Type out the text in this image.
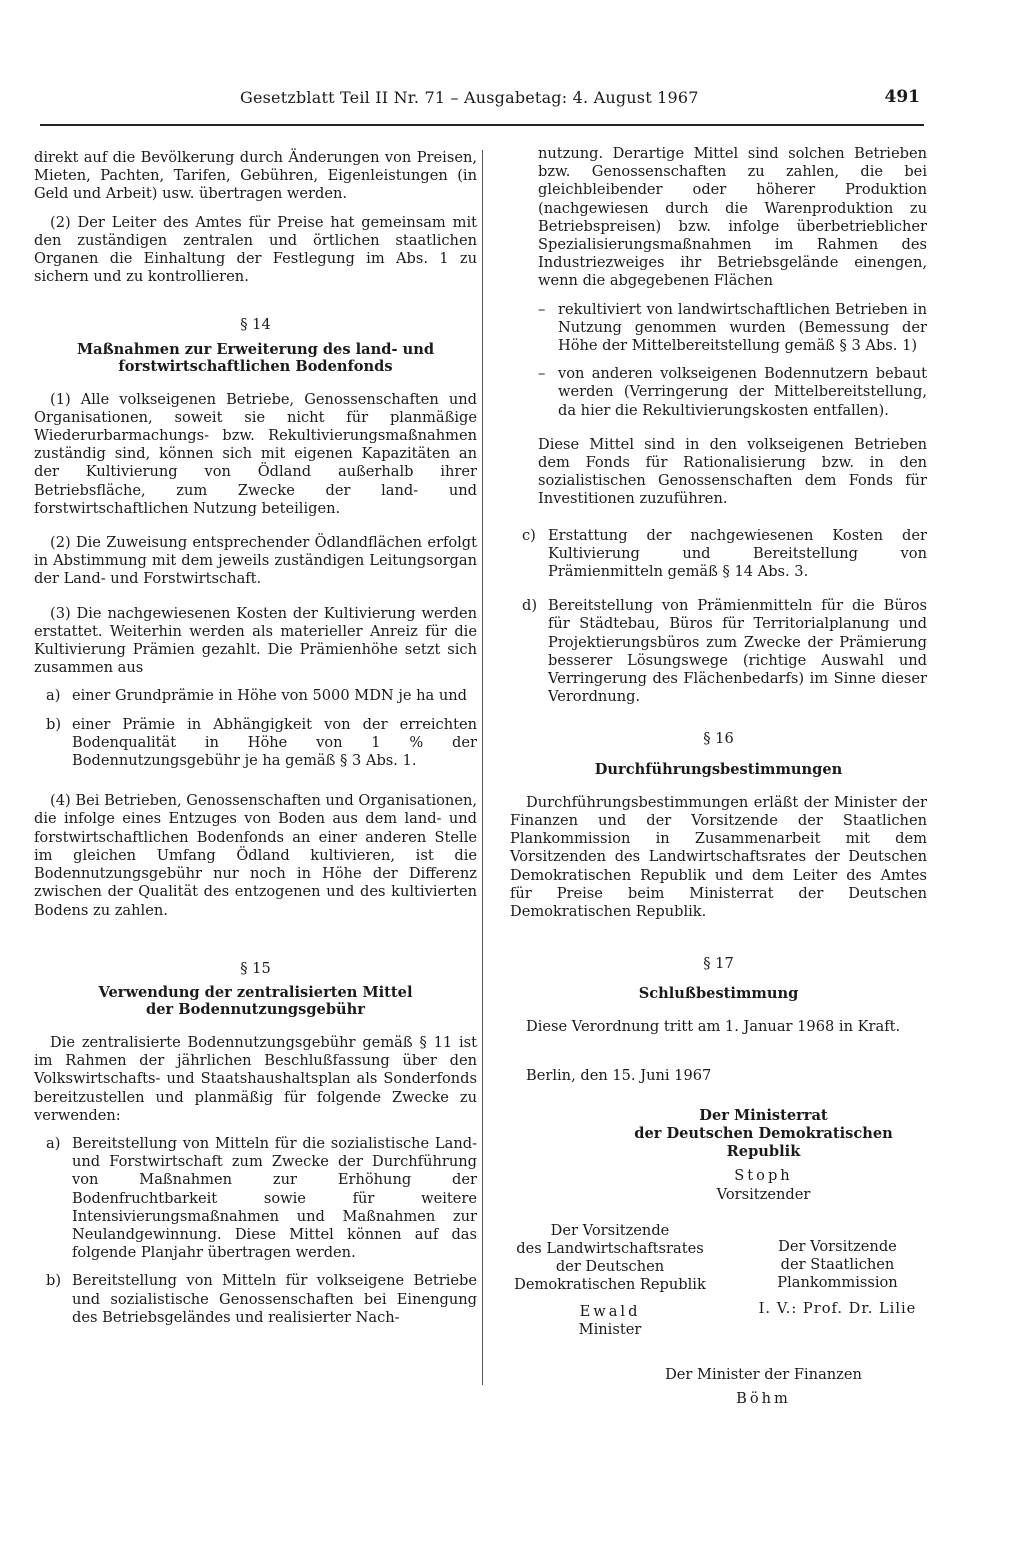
Gesetzblatt Teil II Nr. 71 – Ausgabetag: 4. August 1967	491

direkt auf die Bevölkerung durch Änderungen von Preisen, Mieten, Pachten, Tarifen, Gebühren, Eigenleistungen (in Geld und Arbeit) usw. übertragen werden.

(2) Der Leiter des Amtes für Preise hat gemeinsam mit den zuständigen zentralen und örtlichen staatlichen Organen die Einhaltung der Festlegung im Abs. 1 zu sichern und zu kontrollieren.

§ 14

Maßnahmen zur Erweiterung des land- und
forstwirtschaftlichen Bodenfonds

(1) Alle volkseigenen Betriebe, Genossenschaften und Organisationen, soweit sie nicht für planmäßige Wiederurbarmachungs- bzw. Rekultivierungsmaßnahmen zuständig sind, können sich mit eigenen Kapazitäten an der Kultivierung von Ödland außerhalb ihrer Betriebsfläche, zum Zwecke der land- und forstwirtschaftlichen Nutzung beteiligen.

(2) Die Zuweisung entsprechender Ödlandflächen erfolgt in Abstimmung mit dem jeweils zuständigen Leitungsorgan der Land- und Forstwirtschaft.

(3) Die nachgewiesenen Kosten der Kultivierung werden erstattet. Weiterhin werden als materieller Anreiz für die Kultivierung Prämien gezahlt. Die Prämienhöhe setzt sich zusammen aus

a) einer Grundprämie in Höhe von 5000 MDN je ha und

b) einer Prämie in Abhängigkeit von der erreichten Bodenqualität in Höhe von 1 % der Bodennutzungsgebühr je ha gemäß § 3 Abs. 1.

(4) Bei Betrieben, Genossenschaften und Organisationen, die infolge eines Entzuges von Boden aus dem land- und forstwirtschaftlichen Bodenfonds an einer anderen Stelle im gleichen Umfang Ödland kultivieren, ist die Bodennutzungsgebühr nur noch in Höhe der Differenz zwischen der Qualität des entzogenen und des kultivierten Bodens zu zahlen.

§ 15

Verwendung der zentralisierten Mittel
der Bodennutzungsgebühr

Die zentralisierte Bodennutzungsgebühr gemäß § 11 ist im Rahmen der jährlichen Beschlußfassung über den Volkswirtschafts- und Staatshaushaltsplan als Sonderfonds bereitzustellen und planmäßig für folgende Zwecke zu verwenden:

a) Bereitstellung von Mitteln für die sozialistische Land- und Forstwirtschaft zum Zwecke der Durchführung von Maßnahmen zur Erhöhung der Bodenfruchtbarkeit sowie für weitere Intensivierungsmaßnahmen und Maßnahmen zur Neulandgewinnung. Diese Mittel können auf das folgende Planjahr übertragen werden.

b) Bereitstellung von Mitteln für volkseigene Betriebe und sozialistische Genossenschaften bei Einengung des Betriebsgeländes und realisierter Nach-

nutzung. Derartige Mittel sind solchen Betrieben bzw. Genossenschaften zu zahlen, die bei gleichbleibender oder höherer Produktion (nachgewiesen durch die Warenproduktion zu Betriebspreisen) bzw. infolge überbetrieblicher Spezialisierungsmaßnahmen im Rahmen des Industriezweiges ihr Betriebsgelände einengen, wenn die abgegebenen Flächen

– rekultiviert von landwirtschaftlichen Betrieben in Nutzung genommen wurden (Bemessung der Höhe der Mittelbereitstellung gemäß § 3 Abs. 1)

– von anderen volkseigenen Bodennutzern bebaut werden (Verringerung der Mittelbereitstellung, da hier die Rekultivierungskosten entfallen).

Diese Mittel sind in den volkseigenen Betrieben dem Fonds für Rationalisierung bzw. in den sozialistischen Genossenschaften dem Fonds für Investitionen zuzuführen.

c) Erstattung der nachgewiesenen Kosten der Kultivierung und Bereitstellung von Prämienmitteln gemäß § 14 Abs. 3.

d) Bereitstellung von Prämienmitteln für die Büros für Städtebau, Büros für Territorialplanung und Projektierungsbüros zum Zwecke der Prämierung besserer Lösungswege (richtige Auswahl und Verringerung des Flächenbedarfs) im Sinne dieser Verordnung.

§ 16

Durchführungsbestimmungen

Durchführungsbestimmungen erläßt der Minister der Finanzen und der Vorsitzende der Staatlichen Plankommission in Zusammenarbeit mit dem Vorsitzenden des Landwirtschaftsrates der Deutschen Demokratischen Republik und dem Leiter des Amtes für Preise beim Ministerrat der Deutschen Demokratischen Republik.

§ 17

Schlußbestimmung

Diese Verordnung tritt am 1. Januar 1968 in Kraft.

Berlin, den 15. Juni 1967

Der Ministerrat
der Deutschen Demokratischen Republik
Stoph
Vorsitzender
Der Vorsitzende
des Landwirtschaftsrates
der Deutschen
Demokratischen Republik
Ewald
Minister
Der Vorsitzende
der Staatlichen
Plankommission
I. V.: Prof. Dr. Lilie
Der Minister der Finanzen
Böhm
